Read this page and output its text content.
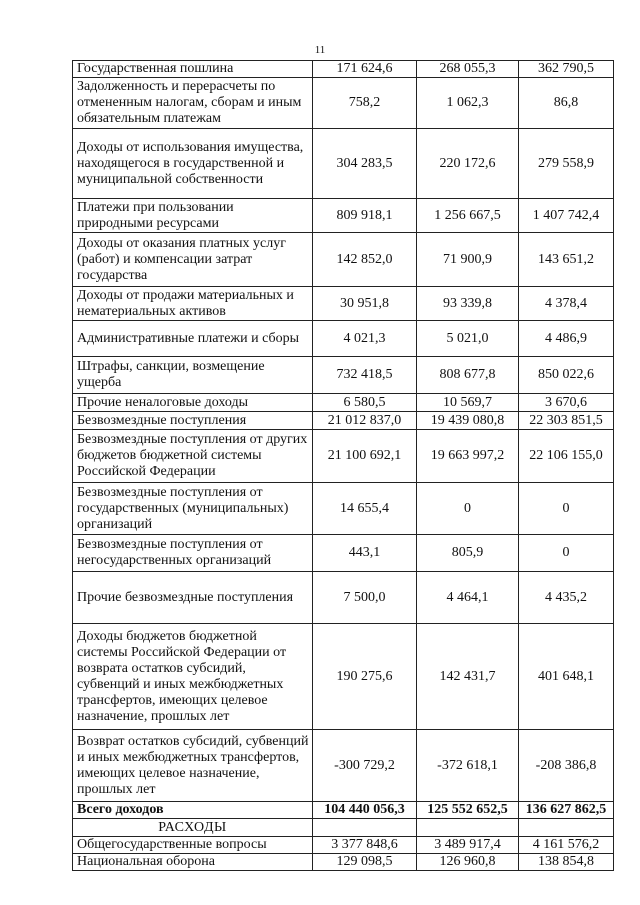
11
Государственная пошлина	171 624,6	268 055,3	362 790,5
Задолженность и перерасчеты по отмененным налогам, сборам и иным обязательным платежам	758,2	1 062,3	86,8
Доходы от использования имущества, находящегося в государственной и муниципальной собственности	304 283,5	220 172,6	279 558,9
Платежи при пользовании природными ресурсами	809 918,1	1 256 667,5	1 407 742,4
Доходы от оказания платных услуг (работ) и компенсации затрат государства	142 852,0	71 900,9	143 651,2
Доходы от продажи материальных и нематериальных активов	30 951,8	93 339,8	4 378,4
Административные платежи и сборы	4 021,3	5 021,0	4 486,9
Штрафы, санкции, возмещение ущерба	732 418,5	808 677,8	850 022,6
Прочие неналоговые доходы	6 580,5	10 569,7	3 670,6
Безвозмездные поступления	21 012 837,0	19 439 080,8	22 303 851,5
Безвозмездные поступления от других бюджетов бюджетной системы Российской Федерации	21 100 692,1	19 663 997,2	22 106 155,0
Безвозмездные поступления от государственных (муниципальных) организаций	14 655,4	0	0
Безвозмездные поступления от негосударственных организаций	443,1	805,9	0
Прочие безвозмездные поступления	7 500,0	4 464,1	4 435,2
Доходы бюджетов бюджетной системы Российской Федерации от возврата остатков субсидий, субвенций и иных межбюджетных трансфертов, имеющих целевое назначение, прошлых лет	190 275,6	142 431,7	401 648,1
Возврат остатков субсидий, субвенций и иных межбюджетных трансфертов, имеющих целевое назначение, прошлых лет	-300 729,2	-372 618,1	-208 386,8
Всего доходов	104 440 056,3	125 552 652,5	136 627 862,5
РАСХОДЫ			
Общегосударственные вопросы	3 377 848,6	3 489 917,4	4 161 576,2
Национальная оборона	129 098,5	126 960,8	138 854,8
